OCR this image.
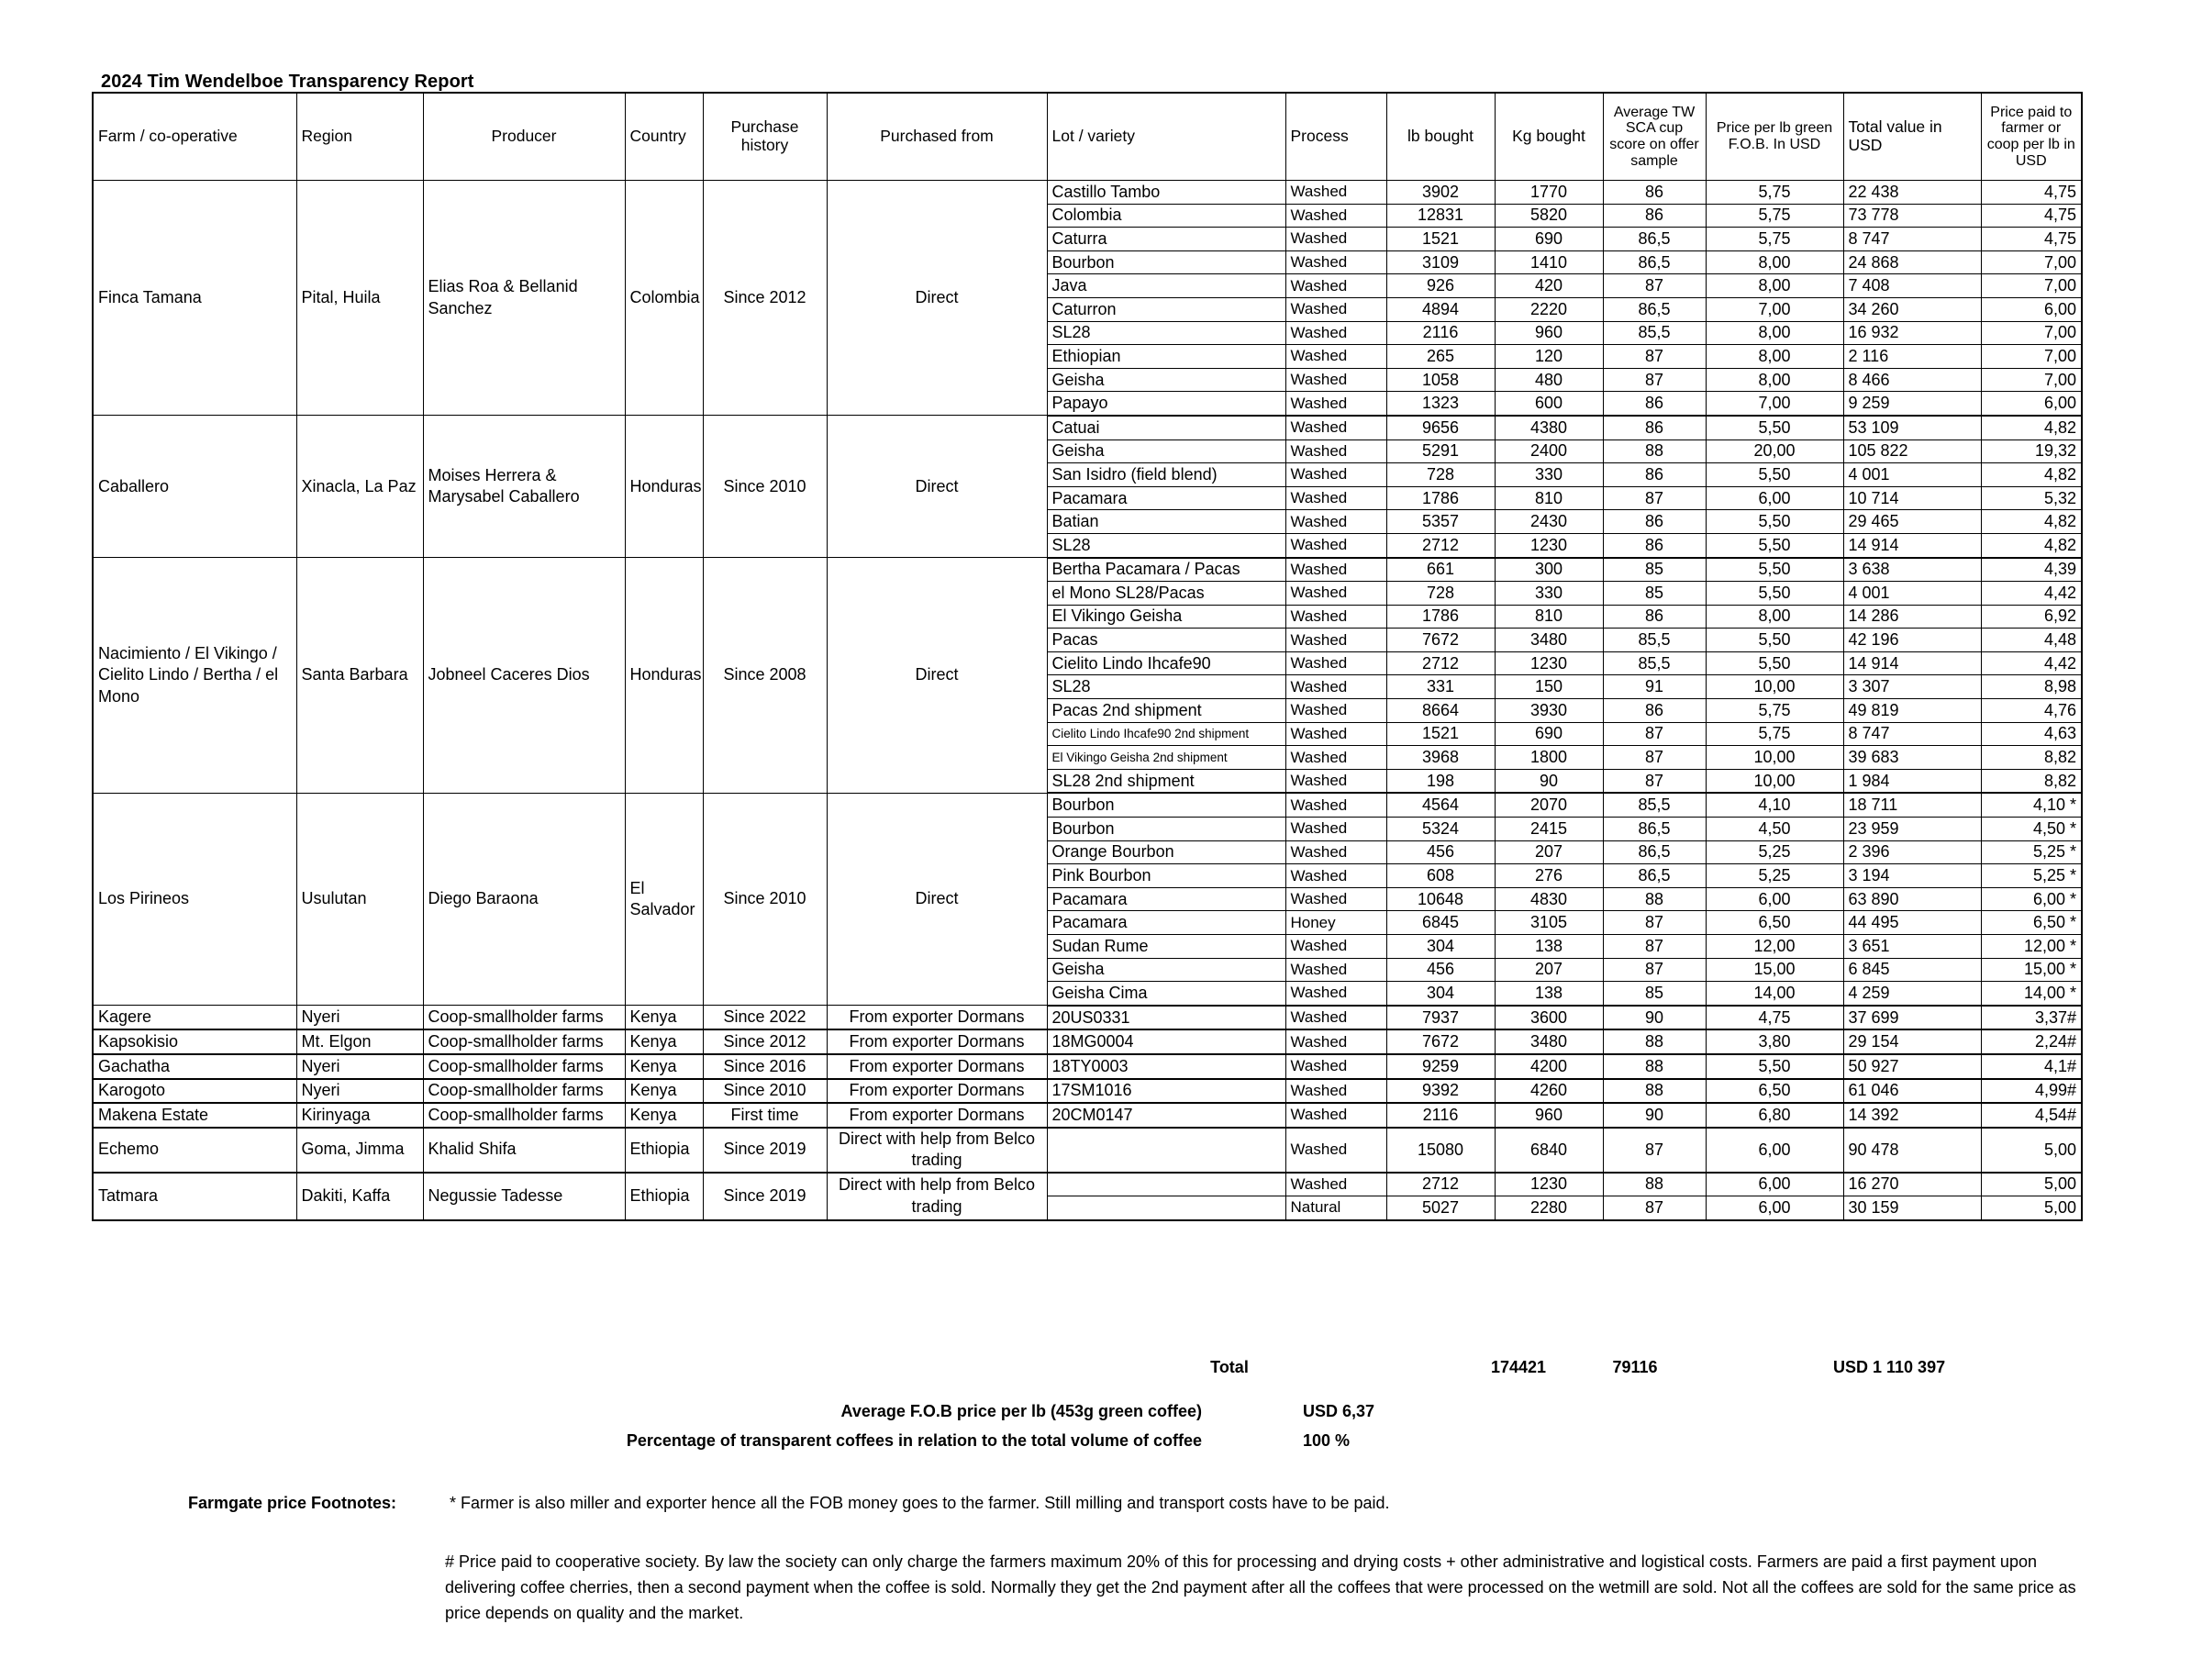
2024 Tim Wendelboe Transparency Report
Farm / co-operative	Region	Producer	Country	Purchase history	Purchased from	Lot / variety	Process	lb bought	Kg bought	Average TW SCA cup score on offer sample	Price per lb green F.O.B. In USD	Total value in USD	Price paid to farmer or coop per lb in USD
Finca Tamana	Pital, Huila	Elias Roa & Bellanid Sanchez	Colombia	Since 2012	Direct	Castillo Tambo	Washed	3902	1770	86	5,75	22 438	4,75
						Colombia	Washed	12831	5820	86	5,75	73 778	4,75
						Caturra	Washed	1521	690	86,5	5,75	8 747	4,75
						Bourbon	Washed	3109	1410	86,5	8,00	24 868	7,00
						Java	Washed	926	420	87	8,00	7 408	7,00
						Caturron	Washed	4894	2220	86,5	7,00	34 260	6,00
						SL28	Washed	2116	960	85,5	8,00	16 932	7,00
						Ethiopian	Washed	265	120	87	8,00	2 116	7,00
						Geisha	Washed	1058	480	87	8,00	8 466	7,00
						Papayo	Washed	1323	600	86	7,00	9 259	6,00
Caballero	Xinacla, La Paz	Moises Herrera & Marysabel Caballero	Honduras	Since 2010	Direct	Catuai	Washed	9656	4380	86	5,50	53 109	4,82
						Geisha	Washed	5291	2400	88	20,00	105 822	19,32
						San Isidro (field blend)	Washed	728	330	86	5,50	4 001	4,82
						Pacamara	Washed	1786	810	87	6,00	10 714	5,32
						Batian	Washed	5357	2430	86	5,50	29 465	4,82
						SL28	Washed	2712	1230	86	5,50	14 914	4,82
Nacimiento / El Vikingo / Cielito Lindo / Bertha / el Mono	Santa Barbara	Jobneel Caceres Dios	Honduras	Since 2008	Direct	Bertha Pacamara / Pacas	Washed	661	300	85	5,50	3 638	4,39
						el Mono SL28/Pacas	Washed	728	330	85	5,50	4 001	4,42
						El Vikingo Geisha	Washed	1786	810	86	8,00	14 286	6,92
						Pacas	Washed	7672	3480	85,5	5,50	42 196	4,48
						Cielito Lindo Ihcafe90	Washed	2712	1230	85,5	5,50	14 914	4,42
						SL28	Washed	331	150	91	10,00	3 307	8,98
						Pacas 2nd shipment	Washed	8664	3930	86	5,75	49 819	4,76
						Cielito Lindo Ihcafe90 2nd shipment	Washed	1521	690	87	5,75	8 747	4,63
						El Vikingo Geisha 2nd shipment	Washed	3968	1800	87	10,00	39 683	8,82
						SL28 2nd shipment	Washed	198	90	87	10,00	1 984	8,82
Los Pirineos	Usulutan	Diego Baraona	El Salvador	Since 2010	Direct	Bourbon	Washed	4564	2070	85,5	4,10	18 711	4,10 *
						Bourbon	Washed	5324	2415	86,5	4,50	23 959	4,50 *
						Orange Bourbon	Washed	456	207	86,5	5,25	2 396	5,25 *
						Pink Bourbon	Washed	608	276	86,5	5,25	3 194	5,25 *
						Pacamara	Washed	10648	4830	88	6,00	63 890	6,00 *
						Pacamara	Honey	6845	3105	87	6,50	44 495	6,50 *
						Sudan Rume	Washed	304	138	87	12,00	3 651	12,00 *
						Geisha	Washed	456	207	87	15,00	6 845	15,00 *
						Geisha Cima	Washed	304	138	85	14,00	4 259	14,00 *
Kagere	Nyeri	Coop-smallholder farms	Kenya	Since 2022	From exporter Dormans	20US0331	Washed	7937	3600	90	4,75	37 699	3,37#
Kapsokisio	Mt. Elgon	Coop-smallholder farms	Kenya	Since 2012	From exporter Dormans	18MG0004	Washed	7672	3480	88	3,80	29 154	2,24#
Gachatha	Nyeri	Coop-smallholder farms	Kenya	Since 2016	From exporter Dormans	18TY0003	Washed	9259	4200	88	5,50	50 927	4,1#
Karogoto	Nyeri	Coop-smallholder farms	Kenya	Since 2010	From exporter Dormans	17SM1016	Washed	9392	4260	88	6,50	61 046	4,99#
Makena Estate	Kirinyaga	Coop-smallholder farms	Kenya	First time	From exporter Dormans	20CM0147	Washed	2116	960	90	6,80	14 392	4,54#
Echemo	Goma, Jimma	Khalid Shifa	Ethiopia	Since 2019	Direct with help from Belco trading		Washed	15080	6840	87	6,00	90 478	5,00
Tatmara	Dakiti, Kaffa	Negussie Tadesse	Ethiopia	Since 2019	Direct with help from Belco trading		Washed	2712	1230	88	6,00	16 270	5,00
							Natural	5027	2280	87	6,00	30 159	5,00
Total	174421	79116	USD 1 110 397
Average F.O.B price per lb (453g green coffee)	USD 6,37
Percentage of transparent coffees in relation to the total volume of coffee	100 %
Farmgate price Footnotes:	* Farmer is also miller and exporter hence all the FOB money goes to the farmer. Still milling and transport costs have to be paid.
# Price paid to cooperative society. By law the society can only charge the farmers maximum 20% of this for processing and drying costs + other administrative and logistical costs. Farmers are paid a first payment upon delivering coffee cherries, then a second payment when the coffee is sold. Normally they get the 2nd payment after all the coffees that were processed on the wetmill are sold. Not all the coffees are sold for the same price as price depends on quality and the market.
